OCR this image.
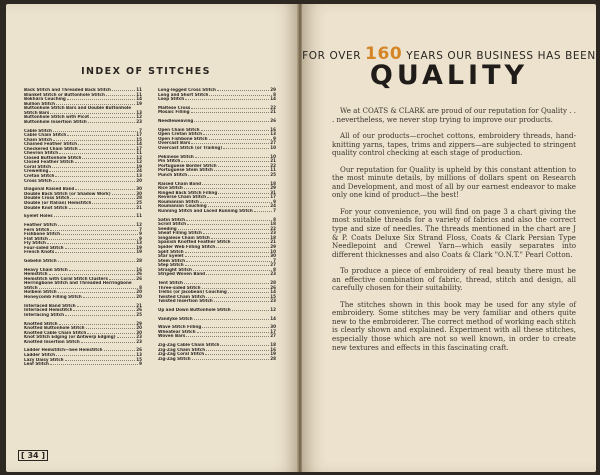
INDEX OF STITCHES
Back Stitch and Threaded Back Stitch	11
Blanket Stitch or Buttonhole Stitch	11
Bokhara Couching	14
Bullion Stitch	19
Buttonhole Stitch Bars and Double Buttonhole
Stitch Bars	13
Buttonhole Stitch with Picot	12
Buttonhole Insertion Stitch	23
Cable Stitch	7
Cable Chain Stitch	17
Chain Stitch	15
Chained Feather Stitch	14
Checkered Chain Stitch	17
Chevron Stitch	11
Closed Buttonhole Stitch	12
Closed Feather Stitch	12
Coral Stitch	19
Crewelling	24
Cretan Stitch	13
Cross Stitch	20
Diagonal Raised Band	30
Double Back Stitch (or Shadow Work)	30
Double Cross Stitch	28
Double (or Italian) Hemstitch	25
Double Knot Stitch	21
Eyelet Holes	11
Feather Stitch	12
Fern Stitch	7
Fishbone Stitch	9
Flat Stitch	9
Fly Stitch	13
Four-sided Stitch	19
French Knots	19
Gobelin Stitch	28
Heavy Chain Stitch	16
Hemstitch	26
Hemstitch with Coral Stitch Clusters	26
Herringbone Stitch and Threaded Herringbone
Stitch	8
Holbein Stitch	20
Honeycomb Filling Stitch	20
Interlaced Band Stitch	21
Interlaced Hemstitch	26
Interlacing Stitch	25
Knotted Stitch	29
Knotted Buttonhole Stitch	20
Knotted Cable Chain Stitch	30
Knot Stitch Edging (or Antwerp Edging)	23
Knotted Insertion Stitch	23
Ladder Hemstitch—See Hemstitch	26
Ladder Stitch	13
Lazy Daisy Stitch	15
Leaf Stitch	9
Long-legged Cross Stitch	29
Long and Short Stitch	8
Loop Stitch	14
Maltese Cross	22
Mosaic Filling	21
Needleweaving	26
Open Chain Stitch	16
Open Cretan Stitch	13
Open Fishbone Stitch	9
Overcast Bars	27
Overcast Stitch (or Trailing)	10
Pekinese Stitch	10
Pin Stitch	21
Portuguese Border Stitch	22
Portuguese Stem Stitch	11
Punch Stitch	25
Raised Chain Band	18
Rice Stitch	29
Ringed Back Stitch Filling	31
Reverse Chain Stitch	17
Roumanian Stitch	9
Roumanian Couching	24
Running Stitch and Laced Running Stitch	7
Satin Stitch	8
Scroll Stitch	18
Seeding	22
Sheaf Filling Stitch	23
Singalese Chain Stitch	18
Spanish Knotted Feather Stitch	21
Spider Web Filling Stitch	29
Split Stitch	10
Star Eyelet	30
Stem Stitch	7
Step Stitch	27
Straight Stitch	8
Striped Woven Band	23
Tent Stitch	28
Three-sided Stitch	26
Trellis (or Jacobean) Couching	14
Twisted Chain Stitch	15
Twisted Insertion Stitch	23
Up and Down Buttonhole Stitch	12
Vandyke Stitch	14
Wave Stitch Filling	30
Wheatear Stitch	17
Woven Bars	27
Zig-Zag Cable Chain Stitch	18
Zig-Zag Chain Stitch	16
Zig-Zag Coral Stitch	19
Zig-Zag Stitch	28
[ 34 ]
FOR OVER 160 YEARS OUR BUSINESS HAS BEEN
QUALITY

We at COATS & CLARK are proud of our reputation for Quality . . . nevertheless, we never stop trying to improve our products.

All of our products—crochet cottons, embroidery threads, hand-knitting yarns, tapes, trims and zippers—are subjected to stringent quality control checking at each stage of production.

Our reputation for Quality is upheld by this constant attention to the most minute details, by millions of dollars spent on Research and Development, and most of all by our earnest endeavor to make only one kind of product—the best!

For your convenience, you will find on page 3 a chart giving the most suitable threads for a variety of fabrics and also the correct type and size of needles. The threads mentioned in the chart are J & P. Coats Deluxe Six Strand Floss, Coats & Clark Persian Type Needlepoint and Crewel Yarn—which easily separates into different thicknesses and also Coats & Clark "O.N.T." Pearl Cotton.

To produce a piece of embroidery of real beauty there must be an effective combination of fabric, thread, stitch and design, all carefully chosen for their suitability.

The stitches shown in this book may be used for any style of embroidery. Some stitches may be very familiar and others quite new to the embroiderer. The correct method of working each stitch is clearly shown and explained. Experiment with all these stitches, especially those which are not so well known, in order to create new textures and effects in this fascinating craft.
